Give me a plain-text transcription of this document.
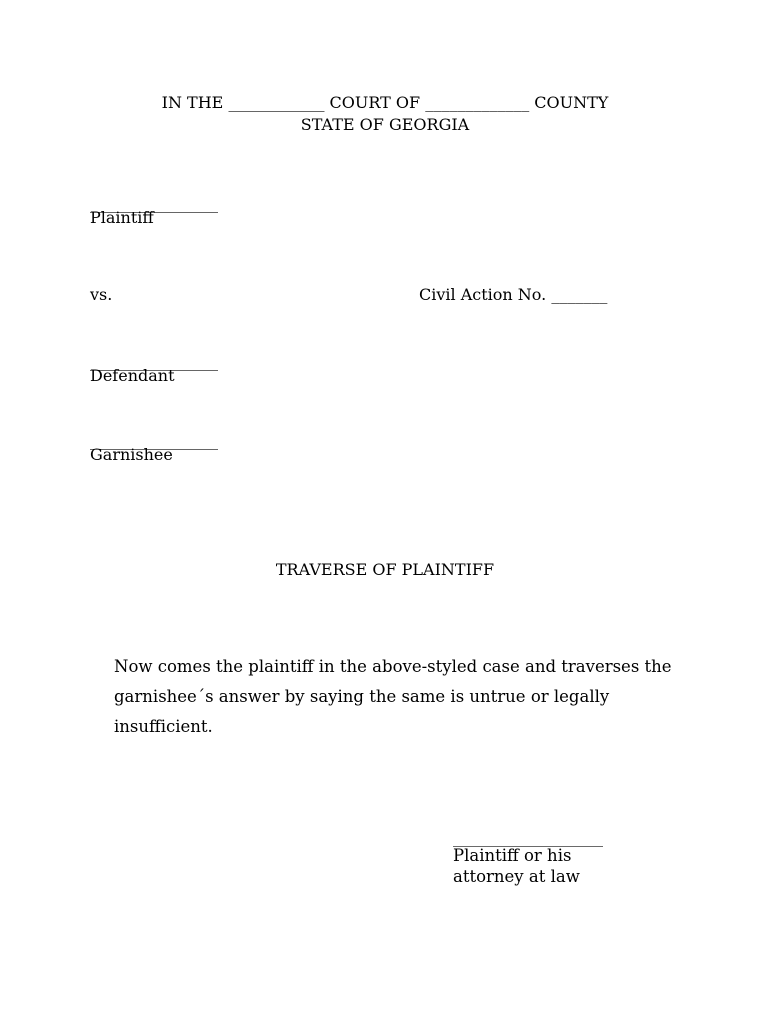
IN THE ____________ COURT OF _____________ COUNTY
STATE OF GEORGIA
________________
Plaintiff
vs.	Civil Action No. _______
________________
Defendant
________________
Garnishee
TRAVERSE OF PLAINTIFF
Now comes the plaintiff in the above-styled case and traverses the garnishee´s answer by saying the same is untrue or legally insufficient.
____________________
Plaintiff or his
attorney at law
